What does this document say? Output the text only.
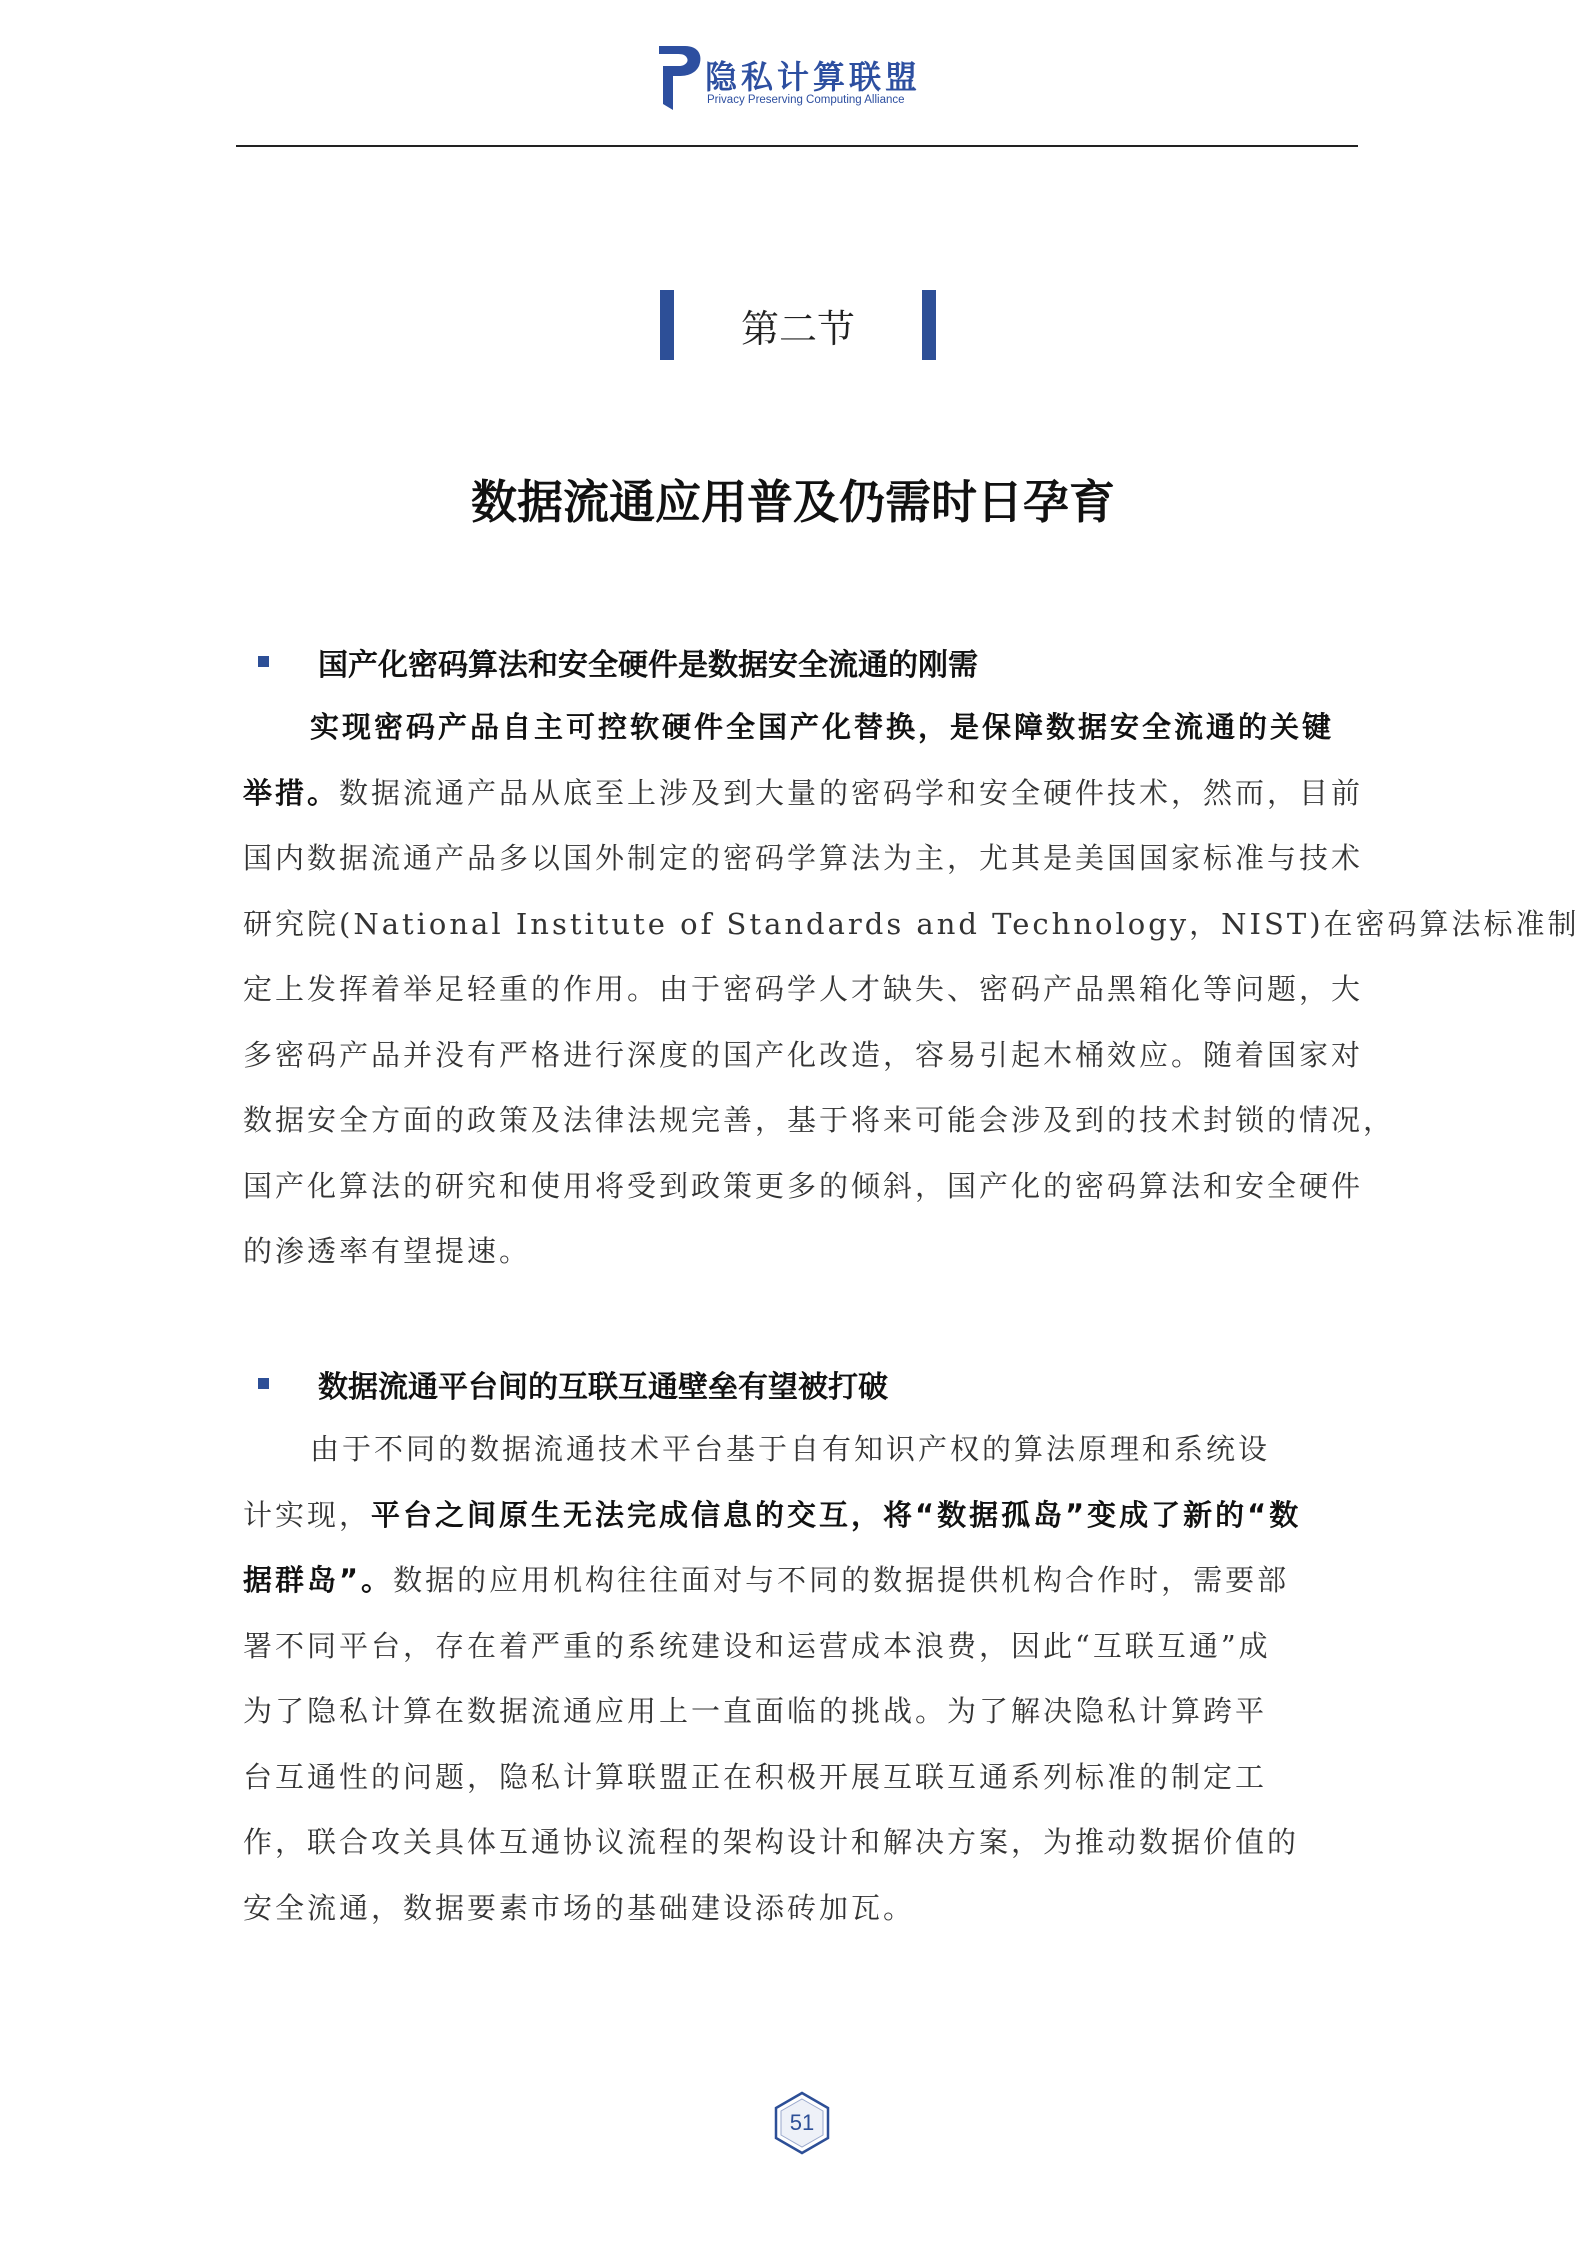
隐私计算联盟
Privacy Preserving Computing Alliance
第二节
数据流通应用普及仍需时日孕育
国产化密码算法和安全硬件是数据安全流通的刚需
实现密码产品自主可控软硬件全国产化替换，是保障数据安全流通的关键
举措。数据流通产品从底至上涉及到大量的密码学和安全硬件技术，然而，目前
国内数据流通产品多以国外制定的密码学算法为主，尤其是美国国家标准与技术
研究院(National Institute of Standards and Technology，NIST)在密码算法标准制
定上发挥着举足轻重的作用。由于密码学人才缺失、密码产品黑箱化等问题，大
多密码产品并没有严格进行深度的国产化改造，容易引起木桶效应。随着国家对
数据安全方面的政策及法律法规完善，基于将来可能会涉及到的技术封锁的情况，
国产化算法的研究和使用将受到政策更多的倾斜，国产化的密码算法和安全硬件
的渗透率有望提速。
数据流通平台间的互联互通壁垒有望被打破
由于不同的数据流通技术平台基于自有知识产权的算法原理和系统设
计实现，平台之间原生无法完成信息的交互，将“数据孤岛”变成了新的“数
据群岛”。数据的应用机构往往面对与不同的数据提供机构合作时，需要部
署不同平台，存在着严重的系统建设和运营成本浪费，因此“互联互通”成
为了隐私计算在数据流通应用上一直面临的挑战。为了解决隐私计算跨平
台互通性的问题，隐私计算联盟正在积极开展互联互通系列标准的制定工
作，联合攻关具体互通协议流程的架构设计和解决方案，为推动数据价值的
安全流通，数据要素市场的基础建设添砖加瓦。
51
